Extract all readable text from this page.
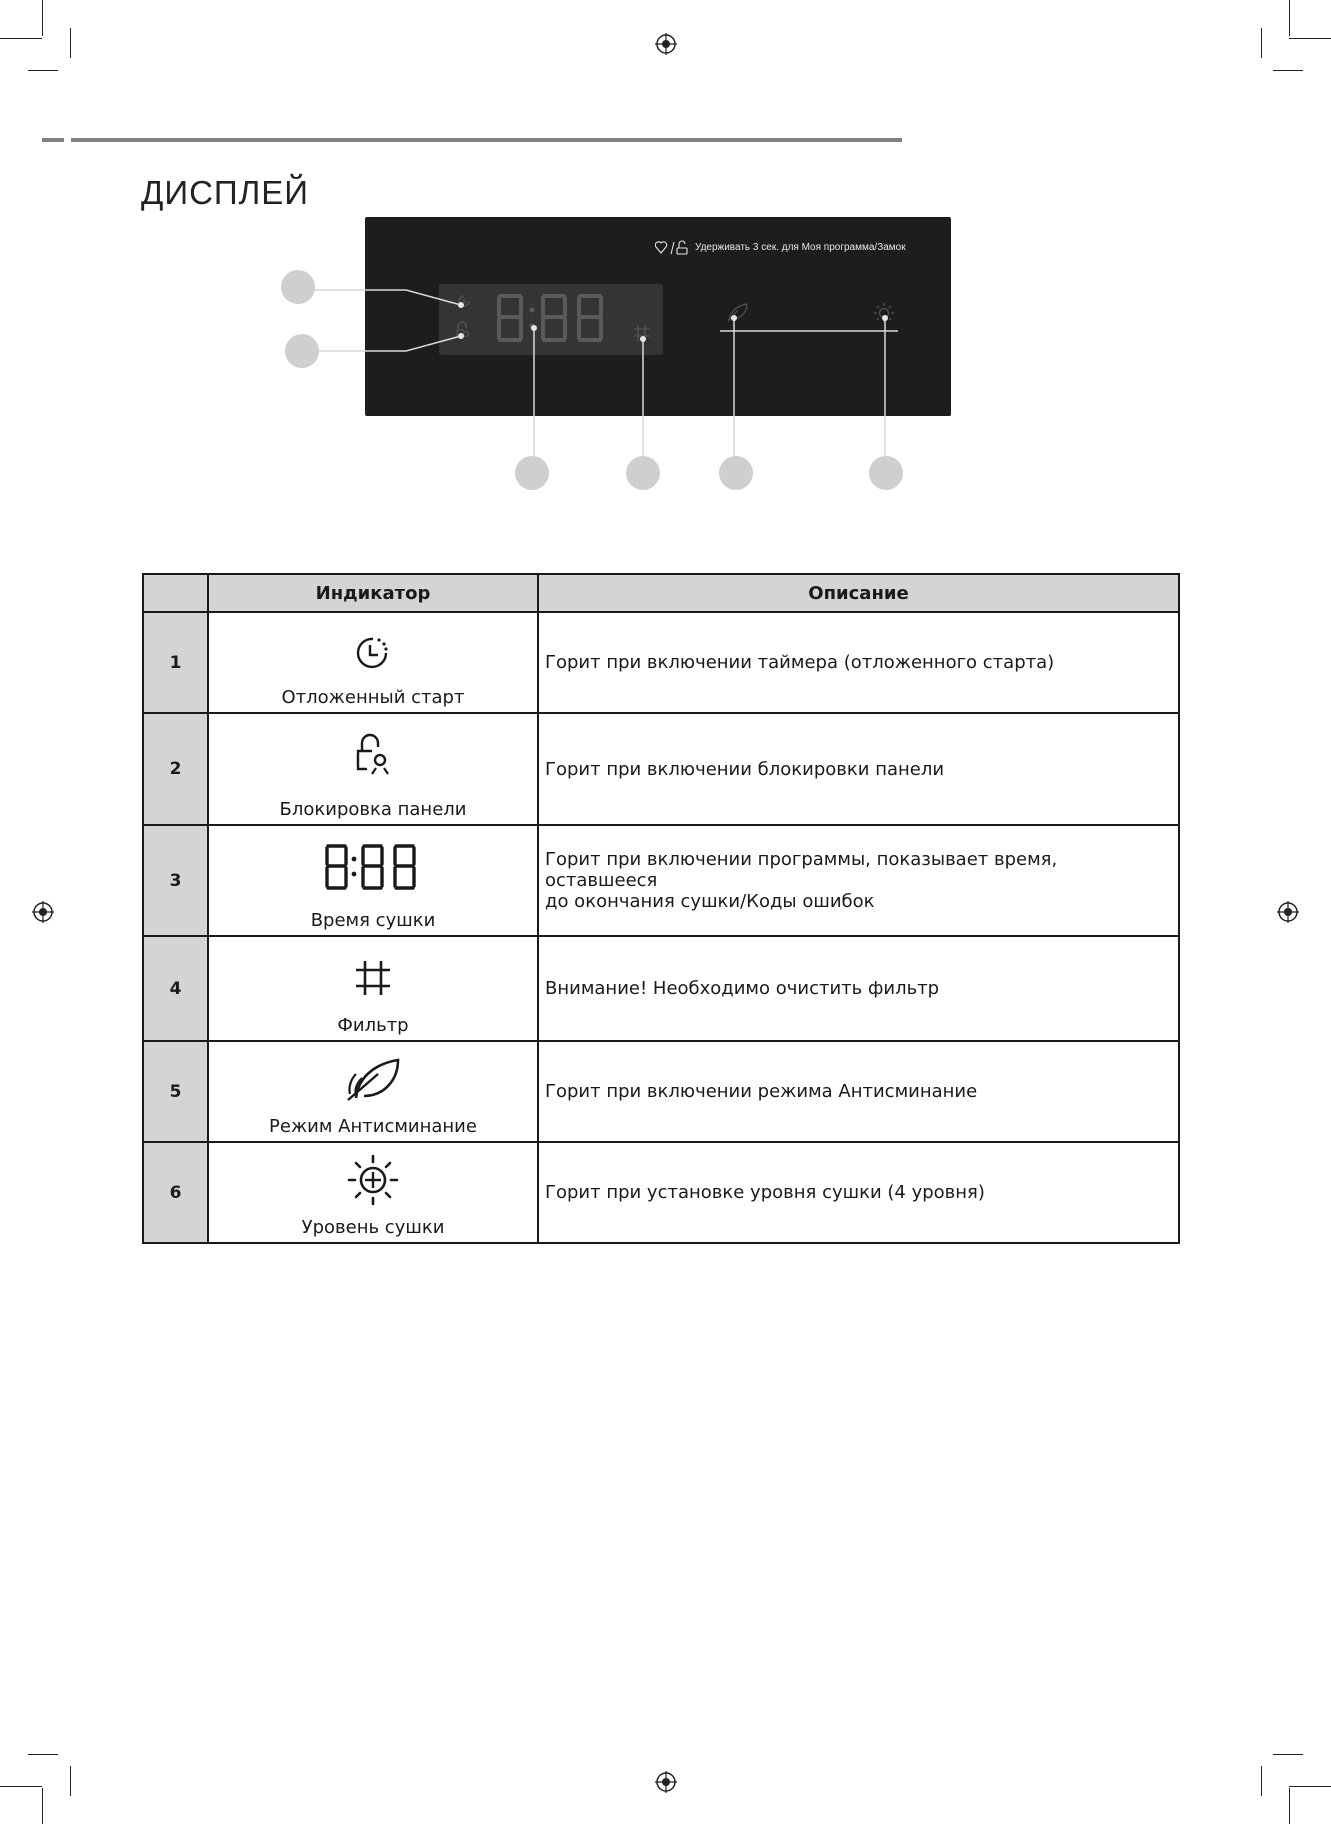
ДИСПЛЕЙ
Удерживать 3 сек. для Моя программа/Замок
	Индикатор	Описание
1	Отложенный старт	Горит при включении таймера (отложенного старта)
2	Блокировка панели	Горит при включении блокировки панели
3	Время сушки	Горит при включении программы, показывает время, оставшееся
до окончания сушки/Коды ошибок

4	Фильтр	Внимание! Необходимо очистить фильтр
5	Режим Антисминание	Горит при включении режима Антисминание
6	Уровень сушки	Горит при установке уровня сушки (4 уровня)
